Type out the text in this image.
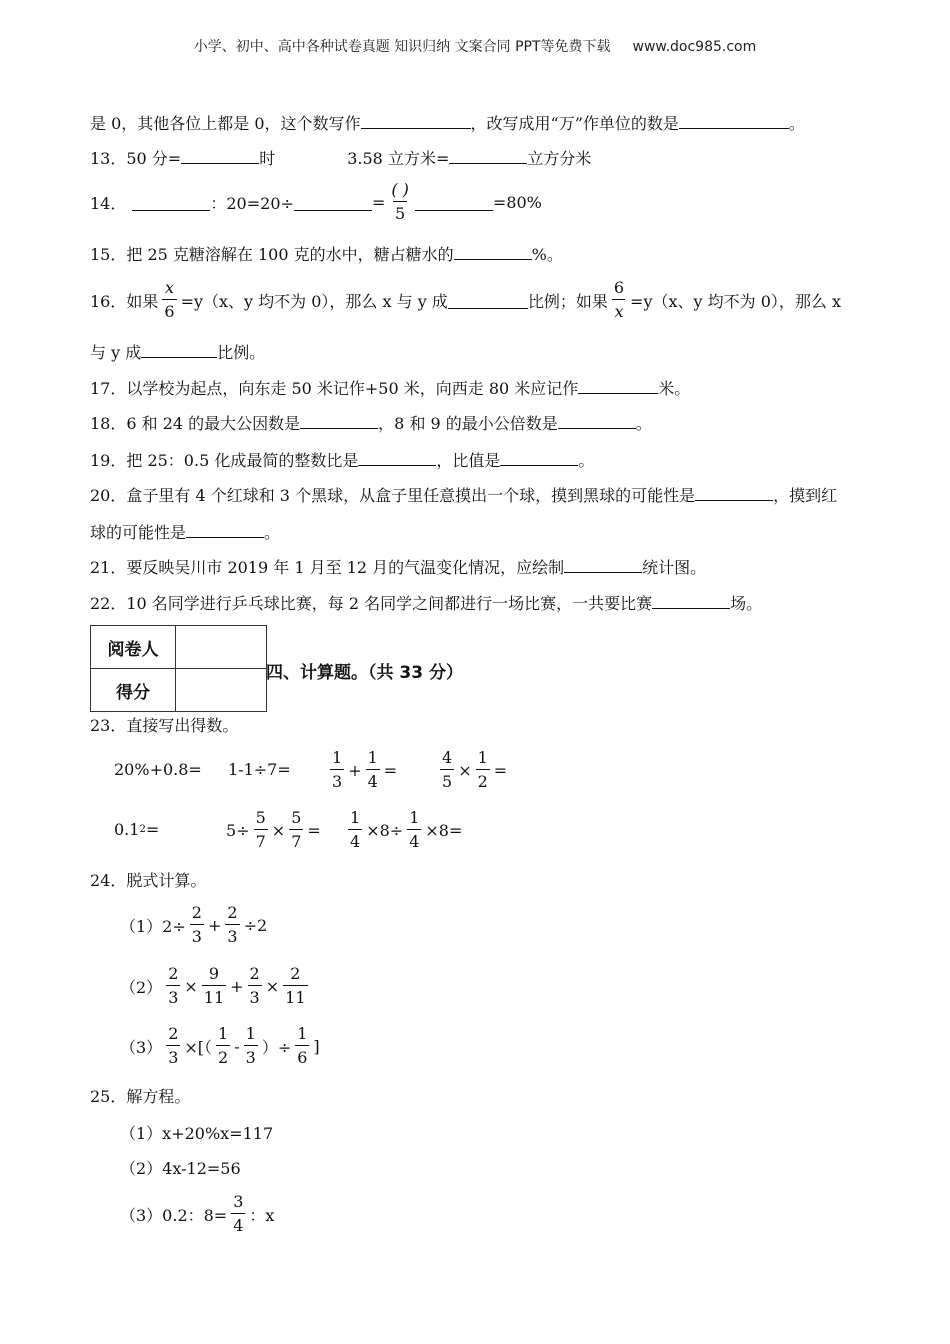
小学、初中、高中各种试卷真题 知识归纳 文案合同 PPT等免费下载 www.doc985.com
是 0，其他各位上都是 0，这个数写作	，改写成用“万”作单位的数是	。
13．50 分=	时	3.58 立方米=	立方分米
14．	：20=20÷	= $\frac{( )}{5}$	=80%
15．把 25 克糖溶解在 100 克的水中，糖占糖水的	%。
16．如果 $\frac{x}{6} =y(x$、y 均不为 0），那么 x 与 y 成	比例；如果 $\frac{6}{x} =y(x$、y 均不为 0），那么 x
与 y 成	比例。
17．以学校为起点，向东走 50 米记作+50 米，向西走 80 米应记作	米。
18．6 和 24 的最大公因数是	，8 和 9 的最小公倍数是	。
19．把 25：0.5 化成最简的整数比是	，比值是	。
20．盒子里有 4 个红球和 3 个黑球，从盒子里任意摸出一个球，摸到黑球的可能性是	，摸到红
球的可能性是	。
21．要反映吴川市 2019 年 1 月至 12 月的气温变化情况，应绘制	统计图。
22．10 名同学进行乒乓球比赛，每 2 名同学之间都进行一场比赛，一共要比赛	场。
阅卷人	
得分	
四、计算题。（共 33 分）
23．直接写出得数。
$20\%+0.8= 1-1\div 7= \frac{1}{3} + \frac{1}{4}$ =	$\frac{4}{5} \times \frac{1}{2}$ =
0.1 2 =	$5\div \frac{5}{7} \times \frac{5}{7} = \frac{1}{4} \times 8\div \frac{1}{4} \times 8=$
24．脱式计算。
$(1)2\div \frac{2}{3} + \frac{2}{3} \div 2$
$(2) \frac{2}{3} \times \frac{9}{11} + \frac{2}{3} \times \frac{2}{11}$
$(3) \frac{2}{3}$ ×[（ $\frac{1}{2} - \frac{1}{3}$ ）÷ $\frac{1}{6}$ ]
25．解方程。
（1）x+20%x=117
（2）4x-12=56
（3）0.2：$8= \frac{3}{4}$ ：x
